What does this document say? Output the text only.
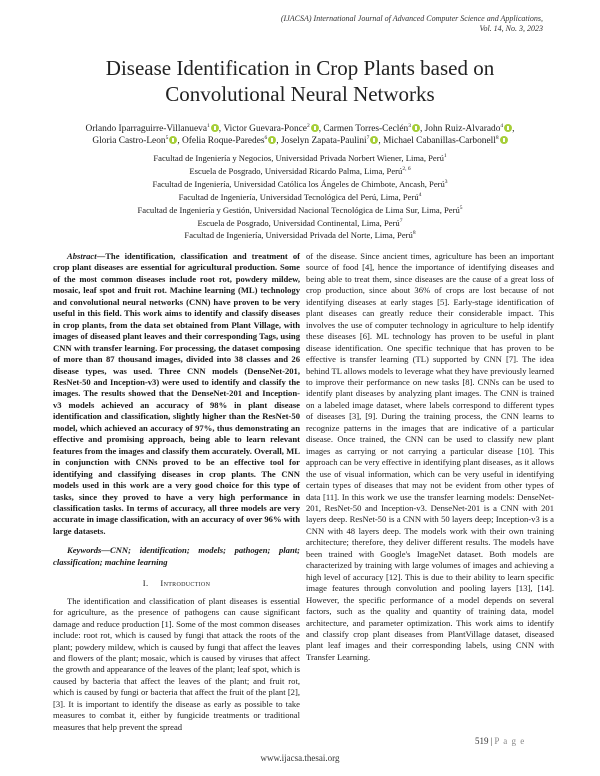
(IJACSA) International Journal of Advanced Computer Science and Applications,
Vol. 14, No. 3, 2023
Disease Identification in Crop Plants based on
Convolutional Neural Networks
Orlando Iparraguirre-Villanueva$^1$ , Victor Guevara-Ponce$^2$ , Carmen Torres-Ceclén$^3$ , John Ruiz-Alvarado$^4$ ,
Gloria Castro-Leon$^5$ , Ofelia Roque-Paredes$^6$ , Joselyn Zapata-Paulini$^7$ , Michael Cabanillas-Carbonell$^8$
Facultad de Ingeniería y Negocios, Universidad Privada Norbert Wiener, Lima, Perú$^1$
Escuela de Posgrado, Universidad Ricardo Palma, Lima, Perú$^{2, 6}$
Facultad de Ingeniería, Universidad Católica los Ángeles de Chimbote, Ancash, Perú$^3$
Facultad de Ingeniería, Universidad Tecnológica del Perú, Lima, Perú$^4$
Facultad de Ingeniería y Gestión, Universidad Nacional Tecnológica de Lima Sur, Lima, Perú$^5$
Escuela de Posgrado, Universidad Continental, Lima, Perú$^7$
Facultad de Ingeniería, Universidad Privada del Norte, Lima, Perú$^8$

Abstract—The identification, classification and treatment of crop plant diseases are essential for agricultural production. Some of the most common diseases include root rot, powdery mildew, mosaic, leaf spot and fruit rot. Machine learning (ML) technology and convolutional neural networks (CNN) have proven to be very useful in this field. This work aims to identify and classify diseases in crop plants, from the data set obtained from Plant Village, with images of diseased plant leaves and their corresponding Tags, using CNN with transfer learning. For processing, the dataset composing of more than 87 thousand images, divided into 38 classes and 26 disease types, was used. Three CNN models (DenseNet-201, ResNet-50 and Inception-v3) were used to identify and classify the images. The results showed that the DenseNet-201 and Inception-v3 models achieved an accuracy of 98% in plant disease identification and classification, slightly higher than the ResNet-50 model, which achieved an accuracy of 97%, thus demonstrating an effective and promising approach, being able to learn relevant features from the images and classify them accurately. Overall, ML in conjunction with CNNs proved to be an effective tool for identifying and classifying diseases in crop plants. The CNN models used in this work are a very good choice for this type of tasks, since they proved to have a very high performance in classification tasks. In terms of accuracy, all three models are very accurate in image classification, with an accuracy of over 96% with large datasets.

Keywords—CNN; identification; models; pathogen; plant; classification; machine learning

I. Introduction

The identification and classification of plant diseases is essential for agriculture, as the presence of pathogens can cause significant damage and reduce production [1]. Some of the most common diseases include: root rot, which is caused by fungi that attack the roots of the plant; powdery mildew, which is caused by fungi that affect the leaves and flowers of the plant; mosaic, which is caused by viruses that affect the growth and appearance of the leaves of the plant; leaf spot, which is caused by bacteria that affect the leaves of the plant; and fruit rot, which is caused by fungi or bacteria that affect the fruit of the plant [2], [3]. It is important to identify the disease as early as possible to take measures to combat it, either by fungicide treatments or traditional measures that help prevent the spread

of the disease. Since ancient times, agriculture has been an important source of food [4], hence the importance of identifying diseases and being able to treat them, since diseases are the cause of a great loss of crop production, since about 36% of crops are lost because of not identifying diseases at early stages [5]. Early-stage identification of plant diseases can greatly reduce their considerable impact. This involves the use of computer technology in agriculture to help identify these diseases [6]. ML technology has proven to be useful in plant disease identification. One specific technique that has proven to be effective is transfer learning (TL) supported by CNN [7]. The idea behind TL allows models to leverage what they have previously learned to improve their performance on new tasks [8]. CNNs can be used to identify plant diseases by analyzing plant images. The CNN is trained on a labeled image dataset, where labels correspond to different types of diseases [3], [9]. During the training process, the CNN learns to recognize patterns in the images that are indicative of a particular disease. Once trained, the CNN can be used to classify new plant images as carrying or not carrying a particular disease [10]. This approach can be very effective in identifying plant diseases, as it allows the use of visual information, which can be very useful in identifying certain types of diseases that may not be evident from other types of data [11]. In this work we use the transfer learning models: DenseNet-201, ResNet-50 and Inception-v3. DenseNet-201 is a CNN with 201 layers deep. ResNet-50 is a CNN with 50 layers deep; Inception-v3 is a CNN with 48 layers deep. The models work with their own training architecture; therefore, they deliver different results. The models have been trained with Google's ImageNet dataset. Both models are characterized by training with large volumes of images and achieving a high level of accuracy [12]. This is due to their ability to learn specific image features through convolution and pooling layers [13], [14]. However, the specific performance of a model depends on several factors, such as the quality and quantity of training data, model architecture, and parameter optimization. This work aims to identify and classify crop plant diseases from PlantVillage dataset, diseased plant leaf images and their corresponding labels, using CNN with Transfer Learning.

519 | P a g e
www.ijacsa.thesai.org
